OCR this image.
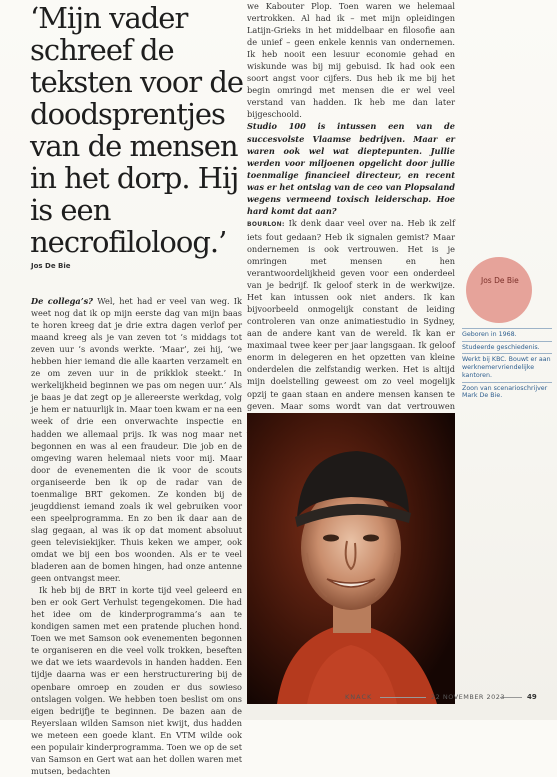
‘Mijn vader schreef de teksten voor de doodsprentjes van de mensen in het dorp. Hij is een necrofiloloog.’
Jos De Bie

De collega’s? Wel, het had er veel van weg. Ik weet nog dat ik op mijn eerste dag van mijn baas te horen kreeg dat je drie extra dagen verlof per maand kreeg als je van zeven tot ’s middags tot zeven uur ’s avonds werkte. ‘Maar’, zei hij, ‘we hebben hier iemand die alle kaarten verzamelt en ze om zeven uur in de prikklok steekt.’ In werkelijkheid beginnen we pas om negen uur.’ Als je baas je dat zegt op je allereerste werkdag, volg je hem er natuurlijk in. Maar toen kwam er na een week of drie een onverwachte inspectie en hadden we allemaal prijs. Ik was nog maar net begonnen en was al een fraudeur. Die job en de omgeving waren helemaal niets voor mij. Maar door de evenementen die ik voor de scouts organiseerde ben ik op de radar van de toenmalige BRT gekomen. Ze konden bij de jeugddienst iemand zoals ik wel gebruiken voor een speelprogramma. En zo ben ik daar aan de slag gegaan, al was ik op dat moment absoluut geen televisiekijker. Thuis keken we amper, ook omdat we bij een bos woonden. Als er te veel bladeren aan de bomen hingen, had onze antenne geen ontvangst meer.

Ik heb bij de BRT in korte tijd veel geleerd en ben er ook Gert Verhulst tegengekomen. Die had het idee om de kinderprogramma’s aan te kondigen samen met een pratende pluchen hond. Toen we met Samson ook evenementen begonnen te organiseren en die veel volk trokken, beseften we dat we iets waardevols in handen hadden. Een tijdje daarna was er een herstructurering bij de openbare omroep en zouden er dus sowieso ontslagen volgen. We hebben toen beslist om ons eigen bedrijfje te beginnen. De bazen aan de Reyerslaan wilden Samson niet kwijt, dus hadden we meteen een goede klant. En VTM wilde ook een populair kinderprogramma. Toen we op de set van Samson en Gert wat aan het dollen waren met mutsen, bedachten

we Kabouter Plop. Toen waren we helemaal vertrokken. Al had ik – met mijn opleidingen Latijn-Grieks in het middelbaar en filosofie aan de unief – geen enkele kennis van ondernemen. Ik heb nooit een lesuur economie gehad en wiskunde was bij mij gebuisd. Ik had ook een soort angst voor cijfers. Dus heb ik me bij het begin omringd met mensen die er wel veel verstand van hadden. Ik heb me dan later bijgeschoold.

Studio 100 is intussen een van de succesvolste Vlaamse bedrijven. Maar er waren ook wel wat dieptepunten. Jullie werden voor miljoenen opgelicht door jullie toenmalige financieel directeur, en recent was er het ontslag van de ceo van Plopsaland wegens vermeend toxisch leiderschap. Hoe hard komt dat aan?

BOURLON: Ik denk daar veel over na. Heb ik zelf iets fout gedaan? Heb ik signalen gemist? Maar ondernemen is ook vertrouwen. Het is je omringen met mensen en hen verantwoordelijkheid geven voor een onderdeel van je bedrijf. Ik geloof sterk in de werkwijze. Het kan intussen ook niet anders. Ik kan bijvoorbeeld onmogelijk constant de leiding controleren van onze animatiestudio in Sydney, aan de andere kant van de wereld. Ik kan er maximaal twee keer per jaar langsgaan. Ik geloof enorm in delegeren en het opzetten van kleine onderdelen die zelfstandig werken. Het is altijd mijn doelstelling geweest om zo veel mogelijk opzij te gaan staan en andere mensen kansen te geven. Maar soms wordt van dat vertrouwen

Jos De Bie
Geboren in 1968.
Studeerde geschiedenis.
Werkt bij KBC. Bouwt er aan werknemervriendelijke kantoren.
Zoon van scenarioschrijver Mark De Bie.
KNACK	22 NOVEMBER 2023	49
